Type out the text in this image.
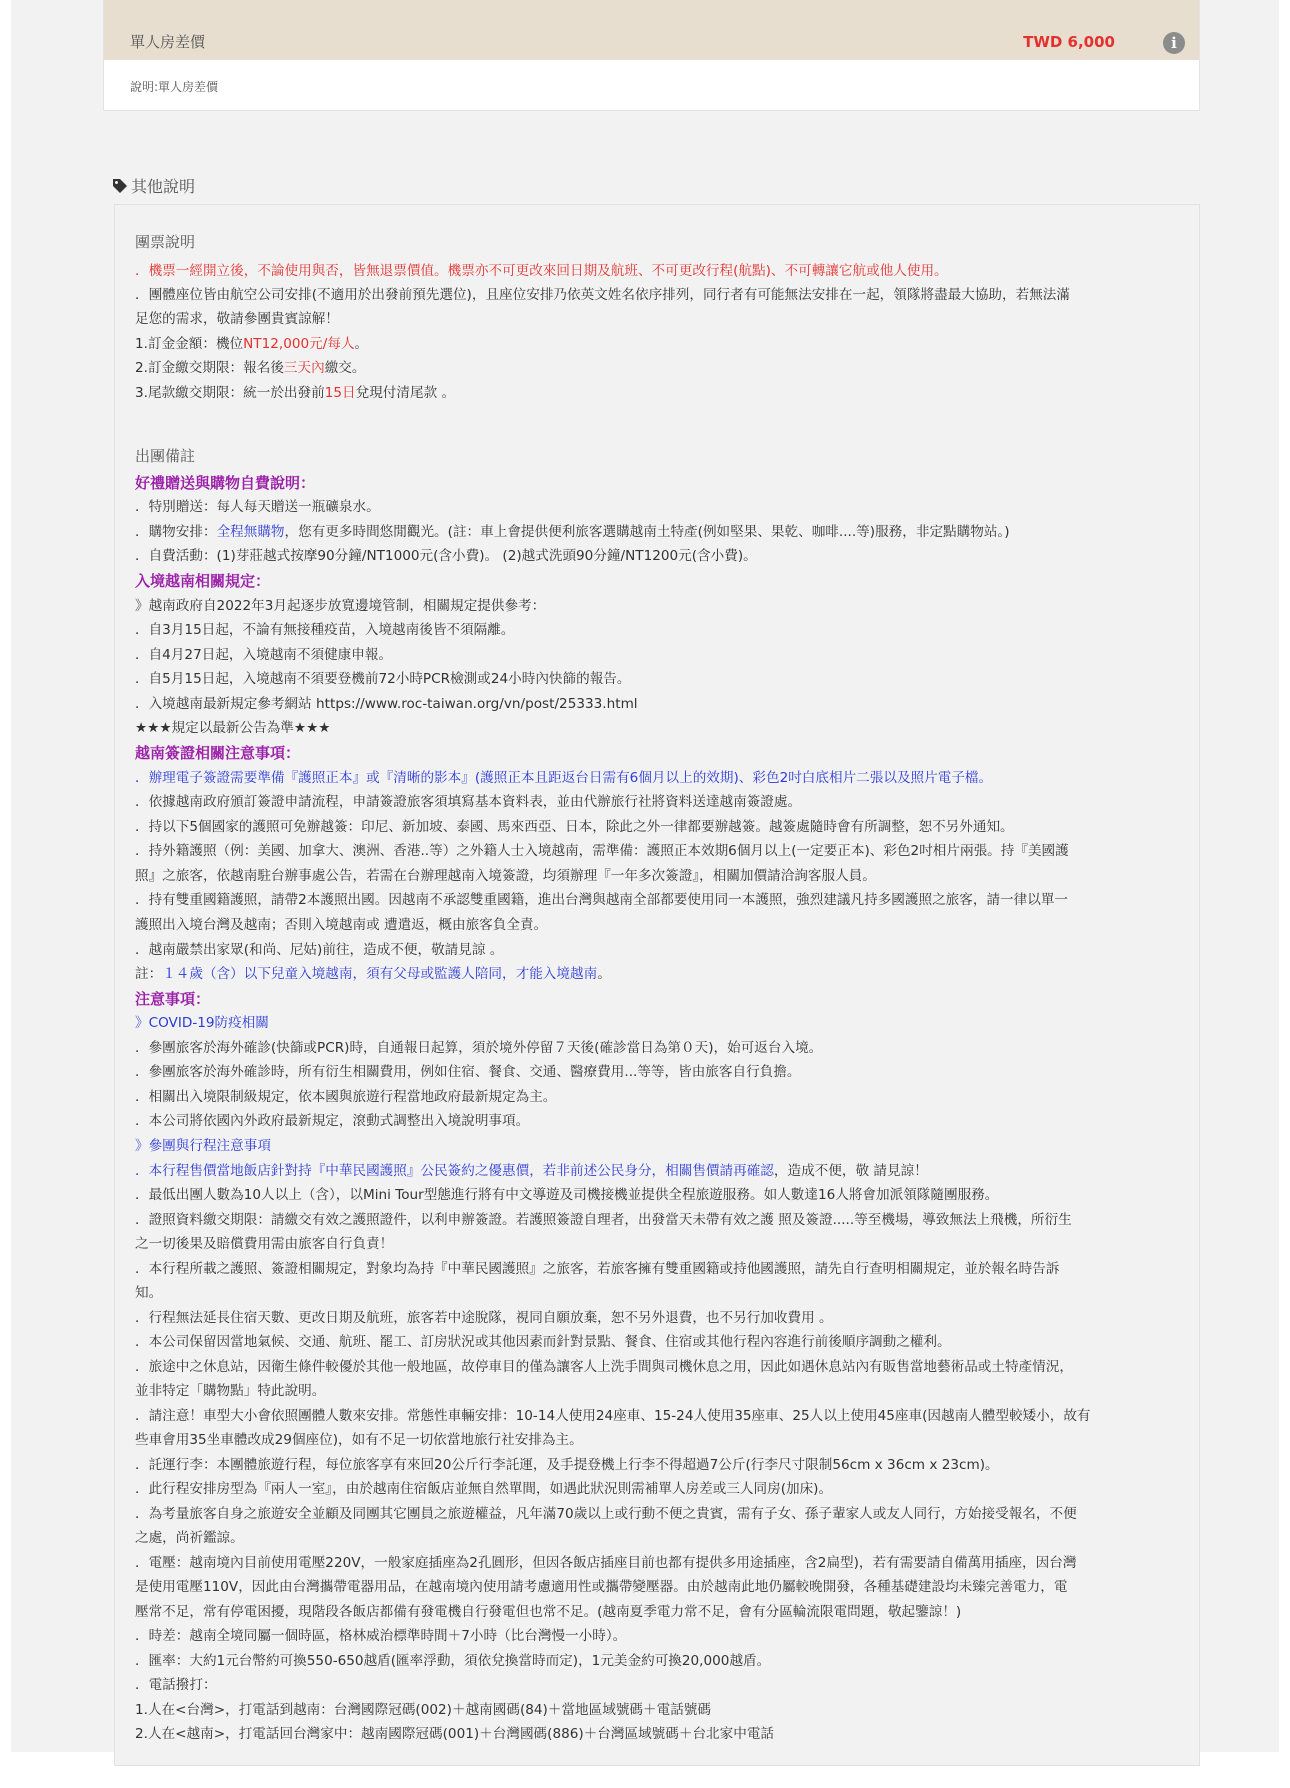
單人房差價	TWD 6,000	i
說明:單人房差價
其他說明
團票說明
．機票一經開立後，不論使用與否，皆無退票價值。機票亦不可更改來回日期及航班、不可更改行程(航點)、不可轉讓它航或他人使用。
．團體座位皆由航空公司安排(不適用於出發前預先選位)，且座位安排乃依英文姓名依序排列，同行者有可能無法安排在一起，領隊將盡最大協助，若無法滿
足您的需求，敬請參團貴賓諒解！
1.訂金金額：機位NT12,000元/每人。
2.訂金繳交期限：報名後三天內繳交。
3.尾款繳交期限：統一於出發前15日兌現付清尾款 。
出團備註
好禮贈送與購物自費說明：
．特別贈送：每人每天贈送一瓶礦泉水。
．購物安排：全程無購物，您有更多時間悠閒觀光。(註：車上會提供便利旅客選購越南土特產(例如堅果、果乾、咖啡....等)服務，非定點購物站。)
．自費活動：(1)芽莊越式按摩90分鐘/NT1000元(含小費)。 (2)越式洗頭90分鐘/NT1200元(含小費)。
入境越南相關規定：
》越南政府自2022年3月起逐步放寬邊境管制，相關規定提供參考：
．自3月15日起，不論有無接種疫苗，入境越南後皆不須隔離。
．自4月27日起，入境越南不須健康申報。
．自5月15日起，入境越南不須要登機前72小時PCR檢測或24小時內快篩的報告。
．入境越南最新規定參考網站 https://www.roc-taiwan.org/vn/post/25333.html
★★★規定以最新公告為準★★★
越南簽證相關注意事項：
．辦理電子簽證需要準備『護照正本』或『清晰的影本』(護照正本且距返台日需有6個月以上的效期)、彩色2吋白底相片二張以及照片電子檔。
．依據越南政府頒訂簽證申請流程，申請簽證旅客須填寫基本資料表，並由代辦旅行社將資料送達越南簽證處。
．持以下5個國家的護照可免辦越簽：印尼、新加坡、泰國、馬來西亞、日本，除此之外一律都要辦越簽。越簽處隨時會有所調整，恕不另外通知。
．持外籍護照（例：美國、加拿大、澳洲、香港..等）之外籍人士入境越南，需準備：護照正本效期6個月以上(一定要正本)、彩色2吋相片兩張。持『美國護
照』之旅客，依越南駐台辦事處公告，若需在台辦理越南入境簽證，均須辦理『一年多次簽證』，相關加價請洽詢客服人員。
．持有雙重國籍護照，請帶2本護照出國。因越南不承認雙重國籍，進出台灣與越南全部都要使用同一本護照，強烈建議凡持多國護照之旅客，請一律以單一
護照出入境台灣及越南；否則入境越南或 遭遣返，概由旅客負全責。
．越南嚴禁出家眾(和尚、尼姑)前往，造成不便，敬請見諒 。
註：１４歲（含）以下兒童入境越南，須有父母或監護人陪同，才能入境越南。
注意事項：
》COVID-19防疫相關
．參團旅客於海外確診(快篩或PCR)時，自通報日起算，須於境外停留７天後(確診當日為第０天)，始可返台入境。
．參團旅客於海外確診時，所有衍生相關費用，例如住宿、餐食、交通、醫療費用...等等，皆由旅客自行負擔。
．相關出入境限制級規定，依本國與旅遊行程當地政府最新規定為主。
．本公司將依國內外政府最新規定，滾動式調整出入境說明事項。
》參團與行程注意事項
．本行程售價當地飯店針對持『中華民國護照』公民簽約之優惠價，若非前述公民身分，相關售價請再確認，造成不便，敬 請見諒！
．最低出團人數為10人以上（含），以Mini Tour型態進行將有中文導遊及司機接機並提供全程旅遊服務。如人數達16人將會加派領隊隨團服務。
．證照資料繳交期限：請繳交有效之護照證件，以利申辦簽證。若護照簽證自理者，出發當天未帶有效之護 照及簽證.....等至機場，導致無法上飛機，所衍生
之一切後果及賠償費用需由旅客自行負責！
．本行程所載之護照、簽證相關規定，對象均為持『中華民國護照』之旅客，若旅客擁有雙重國籍或持他國護照，請先自行查明相關規定，並於報名時告訴
知。
．行程無法延長住宿天數、更改日期及航班，旅客若中途脫隊，視同自願放棄，恕不另外退費，也不另行加收費用 。
．本公司保留因當地氣候、交通、航班、罷工、訂房狀況或其他因素而針對景點、餐食、住宿或其他行程內容進行前後順序調動之權利。
．旅途中之休息站，因衛生條件較優於其他一般地區，故停車目的僅為讓客人上洗手間與司機休息之用，因此如遇休息站內有販售當地藝術品或土特產情況，
並非特定「購物點」特此說明。
．請注意！車型大小會依照團體人數來安排。常態性車輛安排：10-14人使用24座車、15-24人使用35座車、25人以上使用45座車(因越南人體型較矮小，故有
些車會用35坐車體改成29個座位)，如有不足一切依當地旅行社安排為主。
．託運行李：本團體旅遊行程，每位旅客享有來回20公斤行李託運，及手提登機上行李不得超過7公斤(行李尺寸限制56cm x 36cm x 23cm)。
．此行程安排房型為『兩人一室』，由於越南住宿飯店並無自然單間，如遇此狀況則需補單人房差或三人同房(加床)。
．為考量旅客自身之旅遊安全並顧及同團其它團員之旅遊權益，凡年滿70歲以上或行動不便之貴賓，需有子女、孫子輩家人或友人同行，方始接受報名，不便
之處，尚祈鑑諒。
．電壓：越南境內目前使用電壓220V，一般家庭插座為2孔圓形，但因各飯店插座目前也都有提供多用途插座，含2扁型)，若有需要請自備萬用插座，因台灣
是使用電壓110V，因此由台灣攜帶電器用品，在越南境內使用請考慮適用性或攜帶變壓器。由於越南此地仍屬較晚開發，各種基礎建設均未臻完善電力，電
壓常不足，常有停電困擾，現階段各飯店都備有發電機自行發電但也常不足。(越南夏季電力常不足，會有分區輪流限電問題，敬起鑒諒！)
．時差：越南全境同屬一個時區，格林威治標準時間＋7小時（比台灣慢一小時）。
．匯率：大約1元台幣約可換550-650越盾(匯率浮動，須依兌換當時而定)，1元美金約可換20,000越盾。
．電話撥打：
1.人在<台灣>，打電話到越南：台灣國際冠碼(002)＋越南國碼(84)＋當地區域號碼＋電話號碼
2.人在<越南>，打電話回台灣家中：越南國際冠碼(001)＋台灣國碼(886)＋台灣區域號碼＋台北家中電話
